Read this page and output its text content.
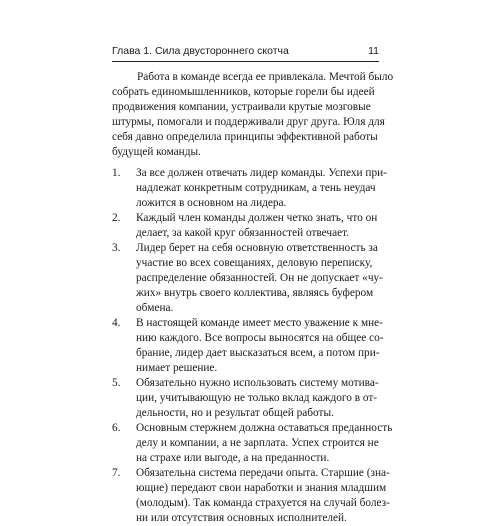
Глава 1. Сила двустороннего скотча	11
Работа в команде всегда ее привлекала. Мечтой было
собрать единомышленников, которые горели бы идеей
продвижения компании, устраивали крутые мозговые
штурмы, помогали и поддерживали друг друга. Юля для
себя давно определила принципы эффективной работы
будущей команды.
1. За все должен отвечать лидер команды. Успехи при-
надлежат конкретным сотрудникам, а тень неудач
ложится в основном на лидера.
2. Каждый член команды должен четко знать, что он
делает, за какой круг обязанностей отвечает.
3. Лидер берет на себя основную ответственность за
участие во всех совещаниях, деловую переписку,
распределение обязанностей. Он не допускает «чу-
жих» внутрь своего коллектива, являясь буфером
обмена.
4. В настоящей команде имеет место уважение к мне-
нию каждого. Все вопросы выносятся на общее со-
брание, лидер дает высказаться всем, а потом при-
нимает решение.
5. Обязательно нужно использовать систему мотива-
ции, учитывающую не только вклад каждого в от-
дельности, но и результат общей работы.
6. Основным стержнем должна оставаться преданность
делу и компании, а не зарплата. Успех строится не
на страхе или выгоде, а на преданности.
7. Обязательна система передачи опыта. Старшие (зна-
ющие) передают свои наработки и знания младшим
(молодым). Так команда страхуется на случай болез-
ни или отсутствия основных исполнителей.
